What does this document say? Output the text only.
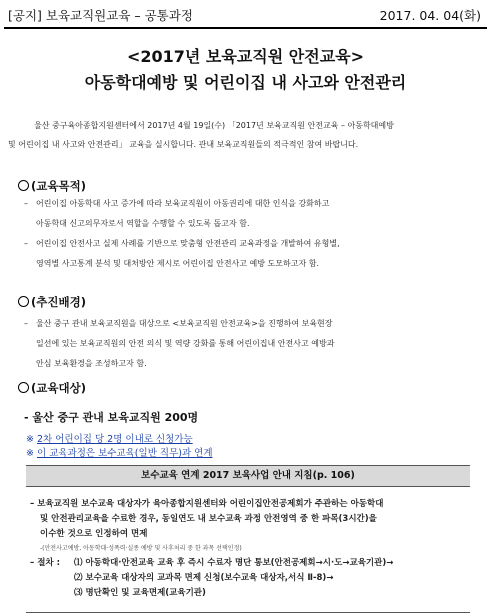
[공지] 보육교직원교육 – 공통과정	2017. 04. 04(화)
<2017년 보육교직원 안전교육>
아동학대예방 및 어린이집 내 사고와 안전관리
울산 중구육아종합지원센터에서 2017년 4월 19일(수) 「2017년 보육교직원 안전교육 – 아동학대예방
및 어린이집 내 사고와 안전관리」 교육을 실시합니다. 관내 보육교직원들의 적극적인 참여 바랍니다.
(교육목적)
– 어린이집 아동학대 사고 증가에 따라 보육교직원이 아동권리에 대한 인식을 강화하고
아동학대 신고의무자로서 역할을 수행할 수 있도록 돕고자 함.
– 어린이집 안전사고 실제 사례를 기반으로 맞춤형 안전관리 교육과정을 개발하여 유형별,
영역별 사고통계 분석 및 대처방안 제시로 어린이집 안전사고 예방 도모하고자 함.
(추진배경)
– 울산 중구 관내 보육교직원을 대상으로 <보육교직원 안전교육>을 진행하여 보육현장
일선에 있는 보육교직원의 안전 의식 및 역량 강화를 통해 어린이집내 안전사고 예방과
안심 보육환경을 조성하고자 함.
(교육대상)
- 울산 중구 관내 보육교직원 200명
※ 2차 어린이집 당 2명 이내로 신청가능
※ 이 교육과정은 보수교육(일반 직무)과 연계
보수교육 연계 2017 보육사업 안내 지침(p. 106)
– 보육교직원 보수교육 대상자가 육아종합지원센터와 어린이집안전공제회가 주관하는 아동학대
및 안전관리교육을 수료한 경우, 동일연도 내 보수교육 과정 안전영역 중 한 파목(3시간)을
이수한 것으로 인정하여 면제
-(안전사고예방, 아동학대·성폭력·실종 예방 및 사후처리 중 한 과목 선택인정)
– 절차 : ⑴ 아동학대·안전교육 교육 후 즉시 수료자 명단 통보(안전공제회→시·도→교육기관)→
⑵ 보수교육 대상자의 교과목 면제 신청(보수교육 대상자,서식 Ⅱ-8)→
⑶ 명단확인 및 교육면제(교육기관)
